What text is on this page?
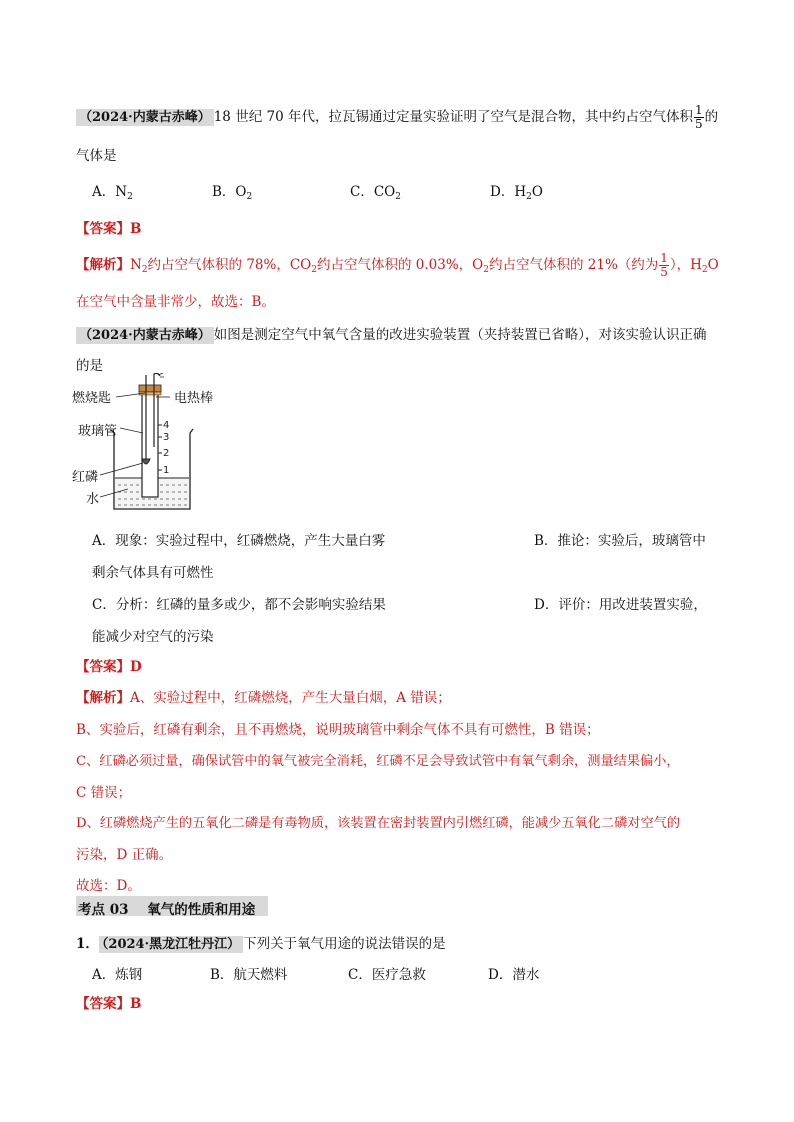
（2024·内蒙古赤峰） 18 世纪 70 年代，拉瓦锡通过定量实验证明了空气是混合物，其中约占空气体积 $\frac{1}{5}$ 的
气体是
A．$N_2$	B．$O_2$	C．$CO_2$	D．$H_2O$
【答案】B
【解析】$N_2$约占空气体积的 78%，$CO_2$约占空气体积的 0.03%，$O_2$约占空气体积的 21%（约为 $\frac{1}{5}$ ），$H_2O$
在空气中含量非常少，故选：B。
（2024·内蒙古赤峰） 如图是测定空气中氧气含量的改进实验装置（夹持装置已省略），对该实验认识正确
的是
4
3
2
1
燃烧匙	电热棒
玻璃管
红磷
水
A．现象：实验过程中，红磷燃烧，产生大量白雾	B．推论：实验后，玻璃管中
剩余气体具有可燃性
C．分析：红磷的量多或少，都不会影响实验结果	D．评价：用改进装置实验，
能减少对空气的污染
【答案】D
【解析】A、实验过程中，红磷燃烧，产生大量白烟，A 错误；
B、实验后，红磷有剩余，且不再燃烧，说明玻璃管中剩余气体不具有可燃性，B 错误；
C、红磷必须过量，确保试管中的氧气被完全消耗，红磷不足会导致试管中有氧气剩余，测量结果偏小，
C 错误；
D、红磷燃烧产生的五氧化二磷是有毒物质，该装置在密封装置内引燃红磷，能减少五氧化二磷对空气的
污染，D 正确。
故选：D。
考点 03    氧气的性质和用途
1． （2024·黑龙江牡丹江） 下列关于氧气用途的说法错误的是
A．炼钢	B．航天燃料	C．医疗急救	D．潜水
【答案】B
